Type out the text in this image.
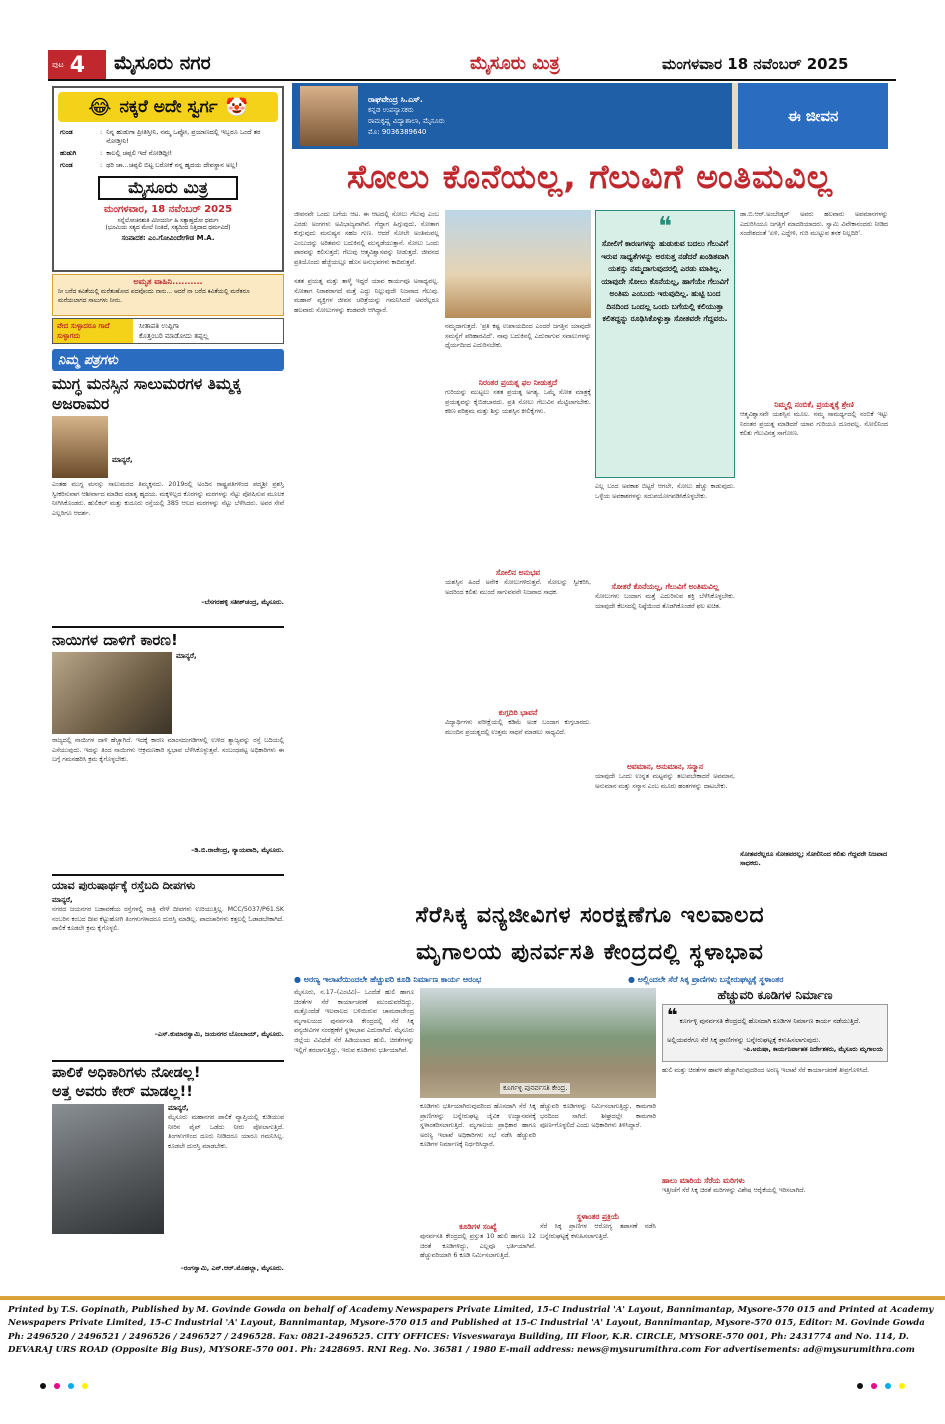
ಪುಟ 4 ಮೈಸೂರು ನಗರ	ಮೈಸೂರು ಮಿತ್ರ	ಮಂಗಳವಾರ 18 ನವೆಂಬರ್ 2025
😂 ನಕ್ಕರೆ ಅದೇ ಸ್ವರ್ಗ 🤡
ಗುಂಡ	: ನಿನ್ನ ಹುಡುಗಾ ಪ್ರೀತಿಸ್ತೀನಿ, ನಮ್ಮ ಒಪ್ಪೋ, ಪ್ರಯಾಣದಲ್ಲಿ ಇಬ್ಬರೂ ಒಂದೆ ತರ ನೋಡ್ತೀನಿ!
ಹುಡುಗಿ	: ಕಾಲಲ್ಲಿ ಚಪ್ಪಲಿ ಇದೆ ನೋಡಿದ್ಲೀ!
ಗುಂಡ	: ಥರಿ ಚಾ...ಚಪ್ಪಲಿ ಬಿಟ್ಟ ಬರೋಕೆ ನನ್ನ ಹೃದಯ ದೇವಸ್ಥಾನ ಅಲ್ಲ!
ಮೈಸೂರು ಮಿತ್ರ
ಮಂಗಳವಾರ, 18 ನವೆಂಬರ್ 2025
ಸನ್ನೆಲೋಚನಶುತಿ ವಿನೀಯರ್ನಿ ಹಿ ಸತ್ಯಾಹ್ತದೋ ಧರ್ಮಃ
(ಭೂಮಿಯ ಸತ್ಯದ ಮೇಲೆ ನಿಂತಿದೆ, ಸತ್ಯದಿಂದ ನಿತ್ತಿದಾದ ಧರ್ಮವಿದೆ)
ಸಂಪಾದಕ: ಎಂ.ಗೋವಿಂದೇಗೌಡ M.A.
ಅಮೃತ ವಾಹಿನಿ..........
ನೀ ಬರೆದ ಕವಿತೆಯಲ್ಲಿ ಮರೆತುಹೋದ ಪದವೊಂದು ನಾನು... ಆದರೆ ನಾ ಬರೆದ ಕವಿತೆಯಲ್ಲಿ ಮರೆತರೂ ಮರೆಯಲಾಗದ ಸಾಲುಗಳು ನೀನು.
ವೇದ ಸುಳ್ಳಾದರೂ ಗಾದೆ ಸುಳ್ಳಾಗದು
ಸೀತಾಪತಿ ಉಪ್ಪಿಗಾ
ಕೊತ್ತಂಬರಿ ಮಾಡೋದು ತಪ್ಪಲ್ಲ
ನಿಮ್ಮ ಪತ್ರಗಳು
ಮುಗ್ಧ ಮನಸ್ಸಿನ ಸಾಲುಮರಗಳ ತಿಮ್ಮಕ್ಕ ಅಜರಾಮರ
ಮಾನ್ಯರೆ,
ಎಂತಹ ಮುಗ್ಧ ಮನಸ್ಸು ಸಾಲುಮರದ ತಿಮ್ಮಕ್ಕನದು. 2019ರಲ್ಲಿ ಅಂದಿನ ರಾಷ್ಟ್ರಪತಿಗಳಿಂದ ಪದ್ಮಶ್ರೀ ಪ್ರಶಸ್ತಿ ಸ್ವೀಕರಿಸುವಾಗ ಆಶೀರ್ವಾದ ಮಾಡಿದ ಮಾತೃ ಹೃದಯ. ಮಕ್ಕಳಿಲ್ಲದ ಕೊರಗನ್ನು ಮರಗಳನ್ನು ನೆಟ್ಟು ಪೋಷಿಸುವ ಮೂಲಕ ನೀಗಿಸಿಕೊಂಡರು. ಹುಲಿಕಲ್ ಮತ್ತು ಕುದೂರು ರಸ್ತೆಯಲ್ಲಿ 385 ಆಲದ ಮರಗಳನ್ನು ನೆಟ್ಟು ಬೆಳೆಸಿದರು. ಅವರ ಸೇವೆ ಎಲ್ಲರಿಗೂ ಆದರ್ಶ.
–ಬೆಸಗರಹಳ್ಳಿ ಸತೀಶ್‌ಚಂದ್ರ, ಮೈಸೂರು.
ನಾಯಿಗಳ ದಾಳಿಗೆ ಕಾರಣ!
ಮಾನ್ಯರೆ,
ರಾಜ್ಯದಲ್ಲಿ ನಾಯಿಗಳ ದಾಳಿ ಹೆಚ್ಚಾಗಿದೆ. ಇದಕ್ಕೆ ಕಾರಣ ಮಾಂಸದಂಗಡಿಗಳಲ್ಲಿ ಉಳಿದ ತ್ಯಾಜ್ಯವನ್ನು ರಸ್ತೆ ಬದಿಯಲ್ಲಿ ಎಸೆಯುವುದು. ಇದನ್ನು ತಿಂದ ನಾಯಿಗಳು ಆಕ್ರಮಣಕಾರಿ ಸ್ವಭಾವ ಬೆಳೆಸಿಕೊಳ್ಳುತ್ತವೆ. ಸಂಬಂಧಪಟ್ಟ ಅಧಿಕಾರಿಗಳು ಈ ಬಗ್ಗೆ ಗಮನಹರಿಸಿ ಕ್ರಮ ಕೈಗೊಳ್ಳಬೇಕು.
–ಡಿ.ಬಿ.ರಾಜೇಂದ್ರ, ನ್ಯಾಯವಾದಿ, ಮೈಸೂರು.
ಯಾವ ಪುರುಷಾರ್ಥಕ್ಕೆ ರಸ್ತೆಬದಿ ದೀಪಗಳು
ಮಾನ್ಯರೆ,
ನಗರದ ಜಯನಗರ ಬಡಾವಣೆಯ ರಸ್ತೆಗಳಲ್ಲಿ ರಾತ್ರಿ ವೇಳೆ ದೀಪಗಳು ಉರಿಯುತ್ತಿಲ್ಲ. MCC/5037/P61.SK ನಂಬರಿನ ಕಂಬದ ದೀಪ ಕೆಟ್ಟುಹೋಗಿ ತಿಂಗಳುಗಳಾದರೂ ದುರಸ್ತಿ ಮಾಡಿಲ್ಲ. ಪಾದಚಾರಿಗಳು ಕತ್ತಲಲ್ಲಿ ಓಡಾಡಬೇಕಾಗಿದೆ. ಪಾಲಿಕೆ ಕೂಡಲೇ ಕ್ರಮ ಕೈಗೊಳ್ಳಲಿ.
–ಎಸ್.ಕುಮಾರಸ್ವಾಮಿ, ಜಯನಗರ ಬೊಂಬಾಯ್, ಮೈಸೂರು.
ಪಾಲಿಕೆ ಅಧಿಕಾರಿಗಳು ನೋಡಲ್ಲ!
ಅತ್ತ ಅವರು ಕೇರ್ ಮಾಡಲ್ಲ!!
ಮಾನ್ಯರೆ,
ಮೈಸೂರು ಮಹಾನಗರ ಪಾಲಿಕೆ ವ್ಯಾಪ್ತಿಯಲ್ಲಿ ಕುಡಿಯುವ ನೀರಿನ ಪೈಪ್ ಒಡೆದು ನೀರು ಪೋಲಾಗುತ್ತಿದೆ. ತಿಂಗಳುಗಳಿಂದ ದೂರು ನೀಡಿದರೂ ಯಾರೂ ಗಮನಿಸಿಲ್ಲ. ಕೂಡಲೇ ದುರಸ್ತಿ ಮಾಡಬೇಕು.
–ರಂಗಸ್ವಾಮಿ, ಎನ್.ಆರ್.ಮೊಹಲ್ಲಾ, ಮೈಸೂರು.
ರಾಘವೇಂದ್ರ ಸಿ.ಎಸ್.
ಕನ್ನಡ ಉಪನ್ಯಾಸಕರು
ರಾಮಕೃಷ್ಣ ವಿದ್ಯಾಶಾಲಾ, ಮೈಸೂರು
ಮೊ: 9036389640
ಈ ಜೀವನ
ಸೋಲು ಕೊನೆಯಲ್ಲ, ಗೆಲುವಿಗೆ ಅಂತಿಮವಿಲ್ಲ
ಜೀವನವೇ ಒಂದು ಬಗೆಯ ಆಟ. ಈ ಆಟದಲ್ಲಿ ಸೋಲು ಗೆಲುವು ಎಂಬ ಎರಡು ಅಂಗಗಳು ಅವಿಭಾಜ್ಯವಾಗಿವೆ. ಗೆದ್ದಾಗ ಹಿಗ್ಗುವುದು, ಸೋತಾಗ ಕುಗ್ಗುವುದು ಮನುಷ್ಯನ ಸಹಜ ಗುಣ. ಆದರೆ ಸೋಲೇ ಅಂತಿಮವಲ್ಲ ಎಂಬುದನ್ನು ಅರಿತವನು ಬದುಕಿನಲ್ಲಿ ಮುನ್ನಡೆಯುತ್ತಾನೆ. ಸೋಲು ಒಂದು ಪಾಠವನ್ನು ಕಲಿಸುತ್ತದೆ; ಗೆಲುವು ಆತ್ಮವಿಶ್ವಾಸವನ್ನು ನೀಡುತ್ತದೆ. ಜೀವನದ ಪ್ರತಿಯೊಂದು ಹೆಜ್ಜೆಯಲ್ಲೂ ಹೊಸ ಅನುಭವಗಳು ಕಾದಿರುತ್ತವೆ.

ಸತತ ಪ್ರಯತ್ನ ಮತ್ತು ತಾಳ್ಮೆ ಇದ್ದರೆ ಯಾವ ಕಾರ್ಯವೂ ಅಸಾಧ್ಯವಲ್ಲ. ಸೋತಾಗ ನಿರಾಶರಾಗದೆ ಮತ್ತೆ ಎದ್ದು ನಿಲ್ಲುವುದೇ ನಿಜವಾದ ಗೆಲುವು. ಮಹಾನ್ ವ್ಯಕ್ತಿಗಳ ಜೀವನ ಚರಿತ್ರೆಯನ್ನು ಗಮನಿಸಿದರೆ ಅವರೆಲ್ಲರೂ ಹಲವಾರು ಸೋಲುಗಳನ್ನು ಕಂಡವರೇ ಆಗಿದ್ದಾರೆ.
ನಮ್ಮದಾಗುತ್ತದೆ. 'ಪ್ರತಿ ಕಷ್ಟ ಉಪಾಯದಿಂದ ಎಂದರೆ ಜಗತ್ತಿನ ಯಾವುದೇ ಸಮಸ್ಯೆಗೆ ಪರಿಹಾರವಿದೆ'. ನಾವು ಬದುಕಿನಲ್ಲಿ ಎದುರಾಗುವ ಸವಾಲುಗಳನ್ನು ಧೈರ್ಯದಿಂದ ಎದುರಿಸಬೇಕು.
ನಿರಂತರ ಪ್ರಯತ್ನ ಫಲ ನೀಡುತ್ತದೆ
ಗುರಿಯನ್ನು ಮುಟ್ಟಲು ಸತತ ಪ್ರಯತ್ನ ಅಗತ್ಯ. ಒಮ್ಮೆ ಸೋತ ಮಾತ್ರಕ್ಕೆ ಪ್ರಯತ್ನವನ್ನು ಕೈಬಿಡಬಾರದು. ಪ್ರತಿ ಸೋಲು ಗೆಲುವಿನ ಮೆಟ್ಟಿಲಾಗಬೇಕು. ಕಠಿಣ ಪರಿಶ್ರಮ ಮತ್ತು ಶಿಸ್ತು ಯಶಸ್ಸಿನ ಕೀಲಿಕೈಗಳು.
ಸೋಲಿನ ಅನುಭವ
ಯಶಸ್ಸಿನ ಹಿಂದೆ ಅನೇಕ ಸೋಲುಗಳಿರುತ್ತವೆ. ಸೋಲನ್ನು ಸ್ವೀಕರಿಸಿ, ಅದರಿಂದ ಕಲಿತು ಮುಂದೆ ಸಾಗುವವನೇ ನಿಜವಾದ ಸಾಧಕ.
ಕುಗ್ಗದಿರಿ ಭಾವನೆ
ವಿದ್ಯಾರ್ಥಿಗಳು ಪರೀಕ್ಷೆಯಲ್ಲಿ ಕಡಿಮೆ ಅಂಕ ಬಂದಾಗ ಕುಗ್ಗಬಾರದು. ಮುಂದಿನ ಪ್ರಯತ್ನದಲ್ಲಿ ಉತ್ತಮ ಸಾಧನೆ ಮಾಡಲು ಸಾಧ್ಯವಿದೆ.
❝
ಸೋಲಿಗೆ ಕಾರಣಗಳನ್ನು ಹುಡುಕುವ ಬದಲು ಗೆಲುವಿಗೆ ಇರುವ ಸಾಧ್ಯತೆಗಳನ್ನು ಅರಸುತ್ತ ನಡೆದರೆ ಖಂಡಿತವಾಗಿ ಯಶಸ್ಸು ನಮ್ಮದಾಗುವುದರಲ್ಲಿ ಎರಡು ಮಾತಿಲ್ಲ. ಯಾವುದೇ ಸೋಲು ಕೊನೆಯಲ್ಲ, ಹಾಗೆಯೇ ಗೆಲುವಿಗೆ ಅಂತಿಮ ಎಂಬುದು ಇರುವುದಿಲ್ಲ. ಹುಟ್ಟಿ ಬಂದ ದಿನದಿಂದ ಒಂದಲ್ಲ ಒಂದು ಬಗೆಯಲ್ಲಿ ಕಲಿಯುತ್ತಾ ಕಲಿತದ್ದನ್ನು ರೂಢಿಸಿಕೊಳ್ಳುತ್ತಾ ಸೋತವರೇ ಗೆದ್ದವರು.
ಎಲ್ಲ ಬಂದ ಅವಕಾಶ ಬಿಟ್ಟರೆ ಆಗಲೇ, ಸೋಲು ಹೆಚ್ಚು ಕಾಡುವುದು. ಒಳ್ಳೆಯ ಅವಕಾಶಗಳನ್ನು ಸದುಪಯೋಗಪಡಿಸಿಕೊಳ್ಳಬೇಕು.
ಸೋತರೆ ಕೊನೆಯಲ್ಲ, ಗೆಲುವಿಗೆ ಅಂತಿಮವಿಲ್ಲ
ಸೋಲುಗಳು ಬಂದಾಗ ಮತ್ತೆ ಎದುರಿಸುವ ಶಕ್ತಿ ಬೆಳೆಸಿಕೊಳ್ಳಬೇಕು. ಯಾವುದೇ ಕೆಲಸದಲ್ಲಿ ನಿಷ್ಠೆಯಿಂದ ತೊಡಗಿಕೊಂಡರೆ ಫಲ ಖಚಿತ.
ಅವಮಾನ, ಅನುಮಾನ, ಸನ್ಮಾನ
ಯಾವುದೇ ಒಂದು ಉನ್ನತ ಮಟ್ಟವನ್ನು ತಲುಪಬೇಕಾದರೆ ಅವಮಾನ, ಅನುಮಾನ ಮತ್ತು ಸನ್ಮಾನ ಎಂಬ ಮೂರು ಹಂತಗಳನ್ನು ದಾಟಬೇಕು.
ಡಾ.ಬಿ.ಆರ್.ಅಂಬೇಡ್ಕರ್ ಅವರು ಹಲವಾರು ಅವಮಾನಗಳನ್ನು ಎದುರಿಸಿಯೂ ಜಗತ್ತಿಗೆ ಮಾದರಿಯಾದರು. ಸ್ವಾಮಿ ವಿವೇಕಾನಂದರು ನೀಡಿದ ಸಂದೇಶದಂತೆ 'ಏಳಿ, ಎದ್ದೇಳಿ, ಗುರಿ ಮುಟ್ಟುವ ತನಕ ನಿಲ್ಲದಿರಿ'.
ನಿಮ್ಮಲ್ಲಿ ನಂಬಿಕೆ, ಪ್ರಯತ್ನಕ್ಕೆ ಶ್ರೇಣಿ
ಆತ್ಮವಿಶ್ವಾಸವೇ ಯಶಸ್ಸಿನ ಮೂಲ. ನಮ್ಮ ಸಾಮರ್ಥ್ಯದಲ್ಲಿ ನಂಬಿಕೆ ಇಟ್ಟು ನಿರಂತರ ಪ್ರಯತ್ನ ಮಾಡಿದರೆ ಯಾವ ಗುರಿಯೂ ದೂರವಲ್ಲ. ಸೋಲಿನಿಂದ ಕಲಿತು ಗೆಲುವಿನತ್ತ ಸಾಗೋಣ.
ಸೋತವರೆಲ್ಲರೂ ಸೋತವರಲ್ಲ; ಸೋಲಿನಿಂದ ಕಲಿತು ಗೆದ್ದವರೇ ನಿಜವಾದ ಸಾಧಕರು.
ಸೆರೆಸಿಕ್ಕ ವನ್ಯಜೀವಿಗಳ ಸಂರಕ್ಷಣೆಗೂ ಇಲವಾಲದ
ಮೃಗಾಲಯ ಪುನರ್ವಸತಿ ಕೇಂದ್ರದಲ್ಲಿ ಸ್ಥಳಾಭಾವ
● ಅರಣ್ಯ ಇಲಾಖೆಯಿಂದಲೇ ಹೆಚ್ಚುವರಿ ಕೂಡಿ ನಿರ್ಮಾಣ ಕಾರ್ಯ ಆರಂಭ	● ಅಲ್ಲಿಂದಲೇ ಸೆರೆ ಸಿಕ್ಕ ಪ್ರಾಣಿಗಳು ಬನ್ನೇರುಘಟ್ಟಕ್ಕೆ ಸ್ಥಳಾಂತರ
ಮೈಸೂರು, ನ.17–(ಎಂಟಿವಿ)– ಒಂದೆಡೆ ಹುಲಿ ಹಾಗೂ ಚಿರತೆಗಳ ಸೆರೆ ಕಾರ್ಯಾಚರಣೆ ಮುಂದುವರೆದಿದ್ದು, ಮತ್ತೊಂದೆಡೆ ಇಲವಾಲದ ಬಳಿಯಿರುವ ಚಾಮರಾಜೇಂದ್ರ ಮೃಗಾಲಯದ ಪುನರ್ವಸತಿ ಕೇಂದ್ರದಲ್ಲಿ ಸೆರೆ ಸಿಕ್ಕ ವನ್ಯಜೀವಿಗಳ ಸಂರಕ್ಷಣೆಗೆ ಸ್ಥಳಾಭಾವ ಎದುರಾಗಿದೆ. ಮೈಸೂರು ಜಿಲ್ಲೆಯ ವಿವಿಧೆಡೆ ಸೆರೆ ಹಿಡಿಯಲಾದ ಹುಲಿ, ಚಿರತೆಗಳನ್ನು ಇಲ್ಲಿಗೆ ತರಲಾಗುತ್ತಿದ್ದು, ಇರುವ ಕೂಡಿಗಳು ಭರ್ತಿಯಾಗಿವೆ.
ಕೂರ್ಗಳ್ಳಿ ಪುನರ್ವಸತಿ ಕೇಂದ್ರ.
ಕೂಡಿಗಳು ಭರ್ತಿಯಾಗಿರುವುದರಿಂದ ಹೊಸದಾಗಿ ಸೆರೆ ಸಿಕ್ಕ ಪ್ರಾಣಿಗಳನ್ನು ಬನ್ನೇರುಘಟ್ಟ ಜೈವಿಕ ಉದ್ಯಾನವನಕ್ಕೆ ಸ್ಥಳಾಂತರಿಸಲಾಗುತ್ತಿದೆ. ಮೃಗಾಲಯ ಪ್ರಾಧಿಕಾರ ಹಾಗೂ ಅರಣ್ಯ ಇಲಾಖೆ ಅಧಿಕಾರಿಗಳು ಸಭೆ ನಡೆಸಿ ಹೆಚ್ಚುವರಿ ಕೂಡಿಗಳ ನಿರ್ಮಾಣಕ್ಕೆ ನಿರ್ಧರಿಸಿದ್ದಾರೆ.
ಕೂಡಿಗಳ ಸಂಖ್ಯೆ
ಪುನರ್ವಸತಿ ಕೇಂದ್ರದಲ್ಲಿ ಪ್ರಸ್ತುತ 10 ಹುಲಿ ಹಾಗೂ 12 ಚಿರತೆ ಕೂಡಿಗಳಿದ್ದು, ಎಲ್ಲವೂ ಭರ್ತಿಯಾಗಿವೆ. ಹೆಚ್ಚುವರಿಯಾಗಿ 6 ಕೂಡಿ ನಿರ್ಮಿಸಲಾಗುತ್ತಿದೆ.
ಹೆಚ್ಚುವರಿ ಕೂಡಿಗಳನ್ನು ನಿರ್ಮಿಸಲಾಗುತ್ತಿದ್ದು, ಕಾಮಗಾರಿ ಭರದಿಂದ ಸಾಗಿದೆ. ಶೀಘ್ರದಲ್ಲೇ ಕಾಮಗಾರಿ ಪೂರ್ಣಗೊಳ್ಳಲಿದೆ ಎಂದು ಅಧಿಕಾರಿಗಳು ತಿಳಿಸಿದ್ದಾರೆ.
ಸ್ಥಳಾಂತರ ಪ್ರಕ್ರಿಯೆ
ಸೆರೆ ಸಿಕ್ಕ ಪ್ರಾಣಿಗಳ ಆರೋಗ್ಯ ತಪಾಸಣೆ ನಡೆಸಿ ಬನ್ನೇರುಘಟ್ಟಕ್ಕೆ ಕಳುಹಿಸಲಾಗುತ್ತಿದೆ.
ಹೆಚ್ಚುವರಿ ಕೂಡಿಗಳ ನಿರ್ಮಾಣ
❝ ಕೂರ್ಗಳ್ಳಿ ಪುನರ್ವಸತಿ ಕೇಂದ್ರದಲ್ಲಿ ಹೊಸದಾಗಿ ಕೂಡಿಗಳ ನಿರ್ಮಾಣ ಕಾರ್ಯ ನಡೆಯುತ್ತಿದೆ. ಅಲ್ಲಿಯವರೆಗೂ ಸೆರೆ ಸಿಕ್ಕ ಪ್ರಾಣಿಗಳನ್ನು ಬನ್ನೇರುಘಟ್ಟಕ್ಕೆ ಕಳುಹಿಸಲಾಗುವುದು.
–ಪಿ.ಅನುಷಾ, ಕಾರ್ಯನಿರ್ವಾಹಕ ನಿರ್ದೇಶಕರು, ಮೈಸೂರು ಮೃಗಾಲಯ
ಹುಲಿ ಮತ್ತು ಚಿರತೆಗಳ ಹಾವಳಿ ಹೆಚ್ಚಾಗಿರುವುದರಿಂದ ಅರಣ್ಯ ಇಲಾಖೆ ಸೆರೆ ಕಾರ್ಯಾಚರಣೆ ತೀವ್ರಗೊಳಿಸಿದೆ.
ಹಾಲು ಮಾರಿಯ ಸೆರೆಯ ಮರಿಗಳು
ಇತ್ತೀಚೆಗೆ ಸೆರೆ ಸಿಕ್ಕ ಚಿರತೆ ಮರಿಗಳನ್ನು ವಿಶೇಷ ಆರೈಕೆಯಲ್ಲಿ ಇರಿಸಲಾಗಿದೆ.
Printed by T.S. Gopinath, Published by M. Govinde Gowda on behalf of Academy Newspapers Private Limited, 15-C Industrial 'A' Layout, Bannimantap, Mysore-570 015 and Printed at Academy
Newspapers Private Limited, 15-C Industrial 'A' Layout, Bannimantap, Mysore-570 015 and Published at 15-C Industrial 'A' Layout, Bannimantap, Mysore-570 015, Editor: M. Govinde Gowda
Ph: 2496520 / 2496521 / 2496526 / 2496527 / 2496528. Fax: 0821-2496525. CITY OFFICES: Visveswaraya Building, III Floor, K.R. CIRCLE, MYSORE-570 001, Ph: 2431774 and No. 114, D.
DEVARAJ URS ROAD (Opposite Big Bus), MYSORE-570 001. Ph: 2428695. RNI Reg. No. 36581 / 1980 E-mail address: news@mysurumithra.com For advertisements: ad@mysurumithra.com
